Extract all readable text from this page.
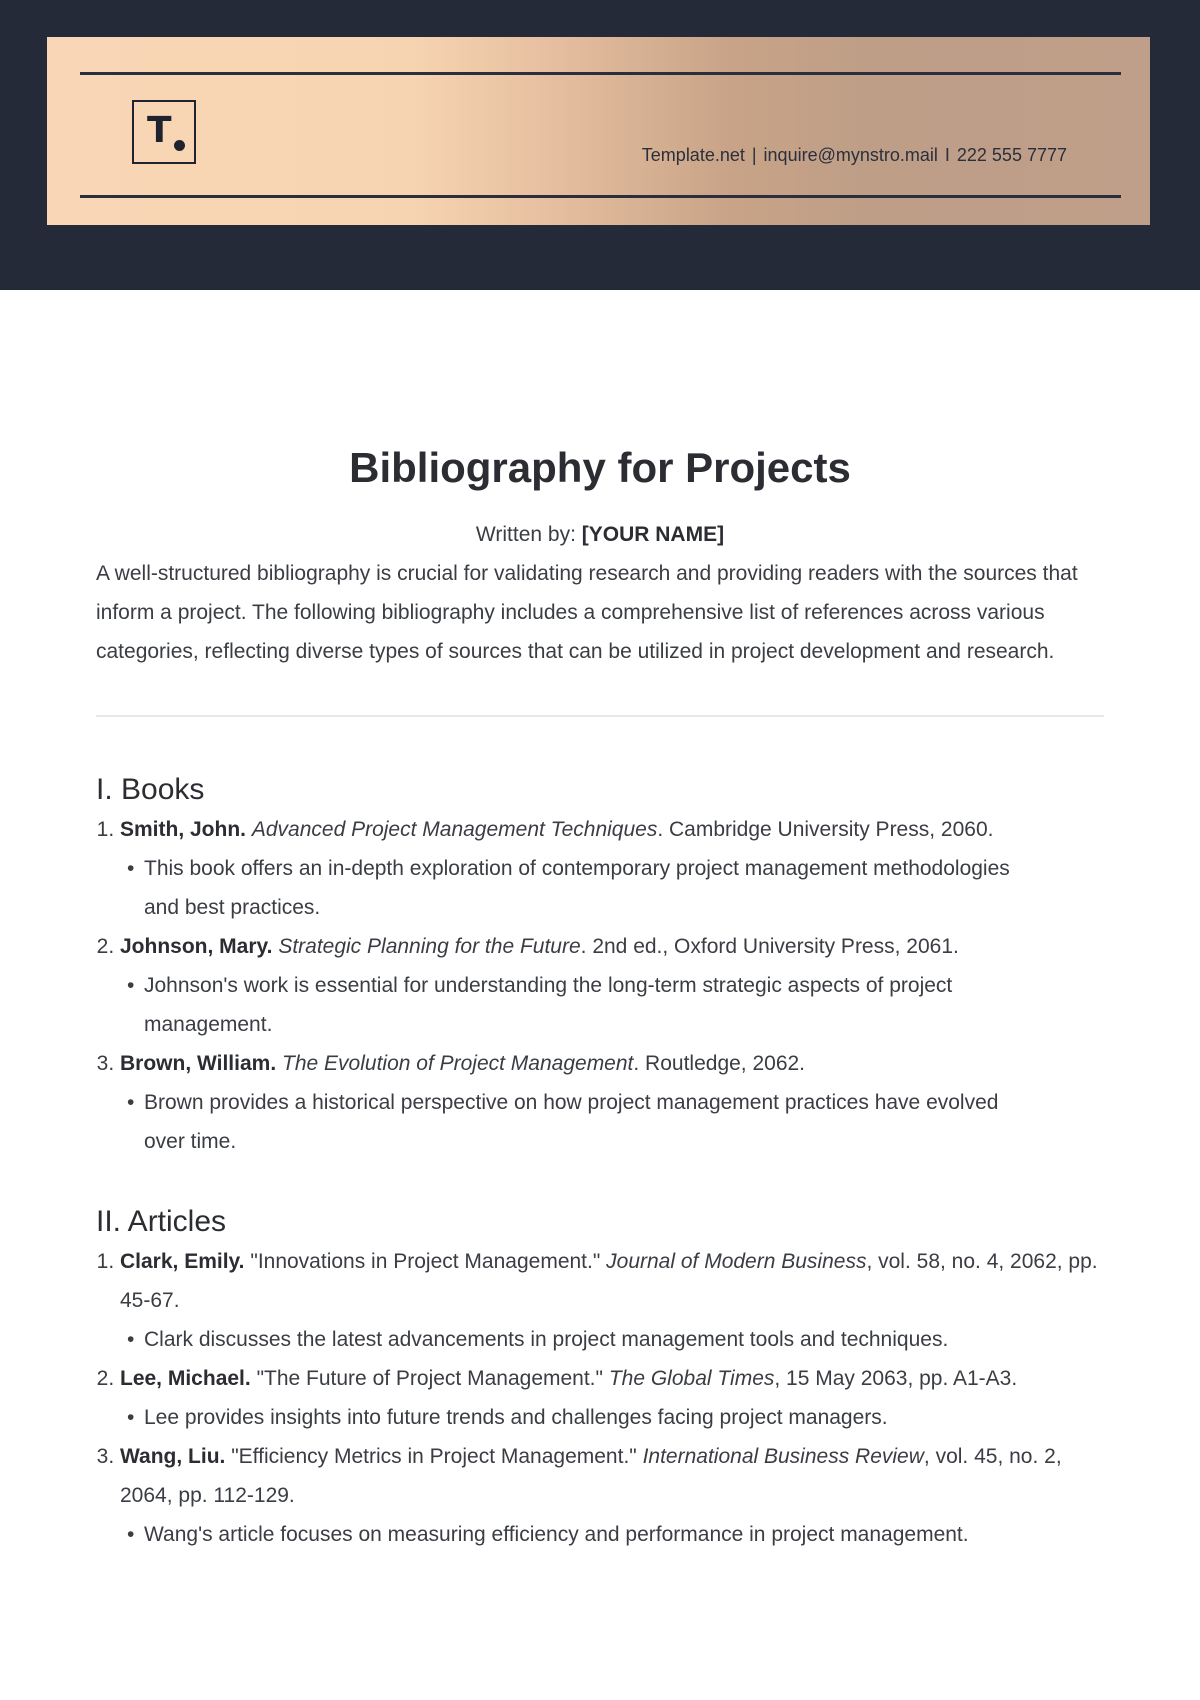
T
Template.net | inquire@mynstro.mail I 222 555 7777
Bibliography for Projects
Written by: [YOUR NAME]

A well-structured bibliography is crucial for validating research and providing readers with the sources that inform a project. The following bibliography includes a comprehensive list of references across various categories, reflecting diverse types of sources that can be utilized in project development and research.

I. Books
1. Smith, John. Advanced Project Management Techniques. Cambridge University Press, 2060.
• This book offers an in-depth exploration of contemporary project management methodologies and best practices.
2. Johnson, Mary. Strategic Planning for the Future. 2nd ed., Oxford University Press, 2061.
• Johnson's work is essential for understanding the long-term strategic aspects of project management.
3. Brown, William. The Evolution of Project Management. Routledge, 2062.
• Brown provides a historical perspective on how project management practices have evolved over time.
II. Articles
1. Clark, Emily. "Innovations in Project Management." Journal of Modern Business, vol. 58, no. 4, 2062, pp. 45-67.
• Clark discusses the latest advancements in project management tools and techniques.
2. Lee, Michael. "The Future of Project Management." The Global Times, 15 May 2063, pp. A1-A3.
• Lee provides insights into future trends and challenges facing project managers.
3. Wang, Liu. "Efficiency Metrics in Project Management." International Business Review, vol. 45, no. 2, 2064, pp. 112-129.
• Wang's article focuses on measuring efficiency and performance in project management.
